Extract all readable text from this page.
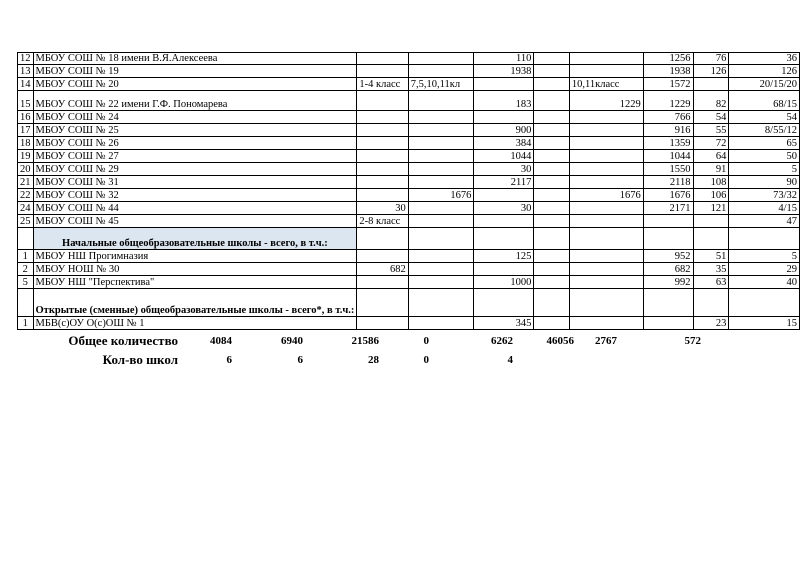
12	МБОУ СОШ № 18 имени В.Я.Алексеева			110			1256	76	36
13	МБОУ СОШ № 19			1938			1938	126	126
14	МБОУ СОШ № 20	1-4 класс	7,5,10,11кл			10,11класс	1572		20/15/20
15	МБОУ СОШ № 22 имени Г.Ф. Пономарева			183		1229	1229	82	68/15
16	МБОУ СОШ № 24						766	54	54
17	МБОУ СОШ № 25			900			916	55	8/55/12
18	МБОУ СОШ № 26			384			1359	72	65
19	МБОУ СОШ № 27			1044			1044	64	50
20	МБОУ СОШ № 29			30			1550	91	5
21	МБОУ СОШ № 31			2117			2118	108	90
22	МБОУ СОШ № 32		1676			1676	1676	106	73/32
24	МБОУ СОШ № 44	30		30			2171	121	4/15
25	МБОУ СОШ № 45	2-8 класс							47
	Начальные общеобразовательные школы - всего, в т.ч.:								
1	МБОУ НШ Прогимназия			125			952	51	5
2	МБОУ НОШ № 30	682					682	35	29
5	МБОУ НШ "Перспектива"			1000			992	63	40
	Открытые (сменные) общеобразовательные школы - всего*, в т.ч.:								
1	МБВ(с)ОУ О(с)ОШ № 1			345				23	15
Общее количество	4084	6940	21586	0	6262	46056	2767	572
Кол-во школ	6	6	28	0	4
